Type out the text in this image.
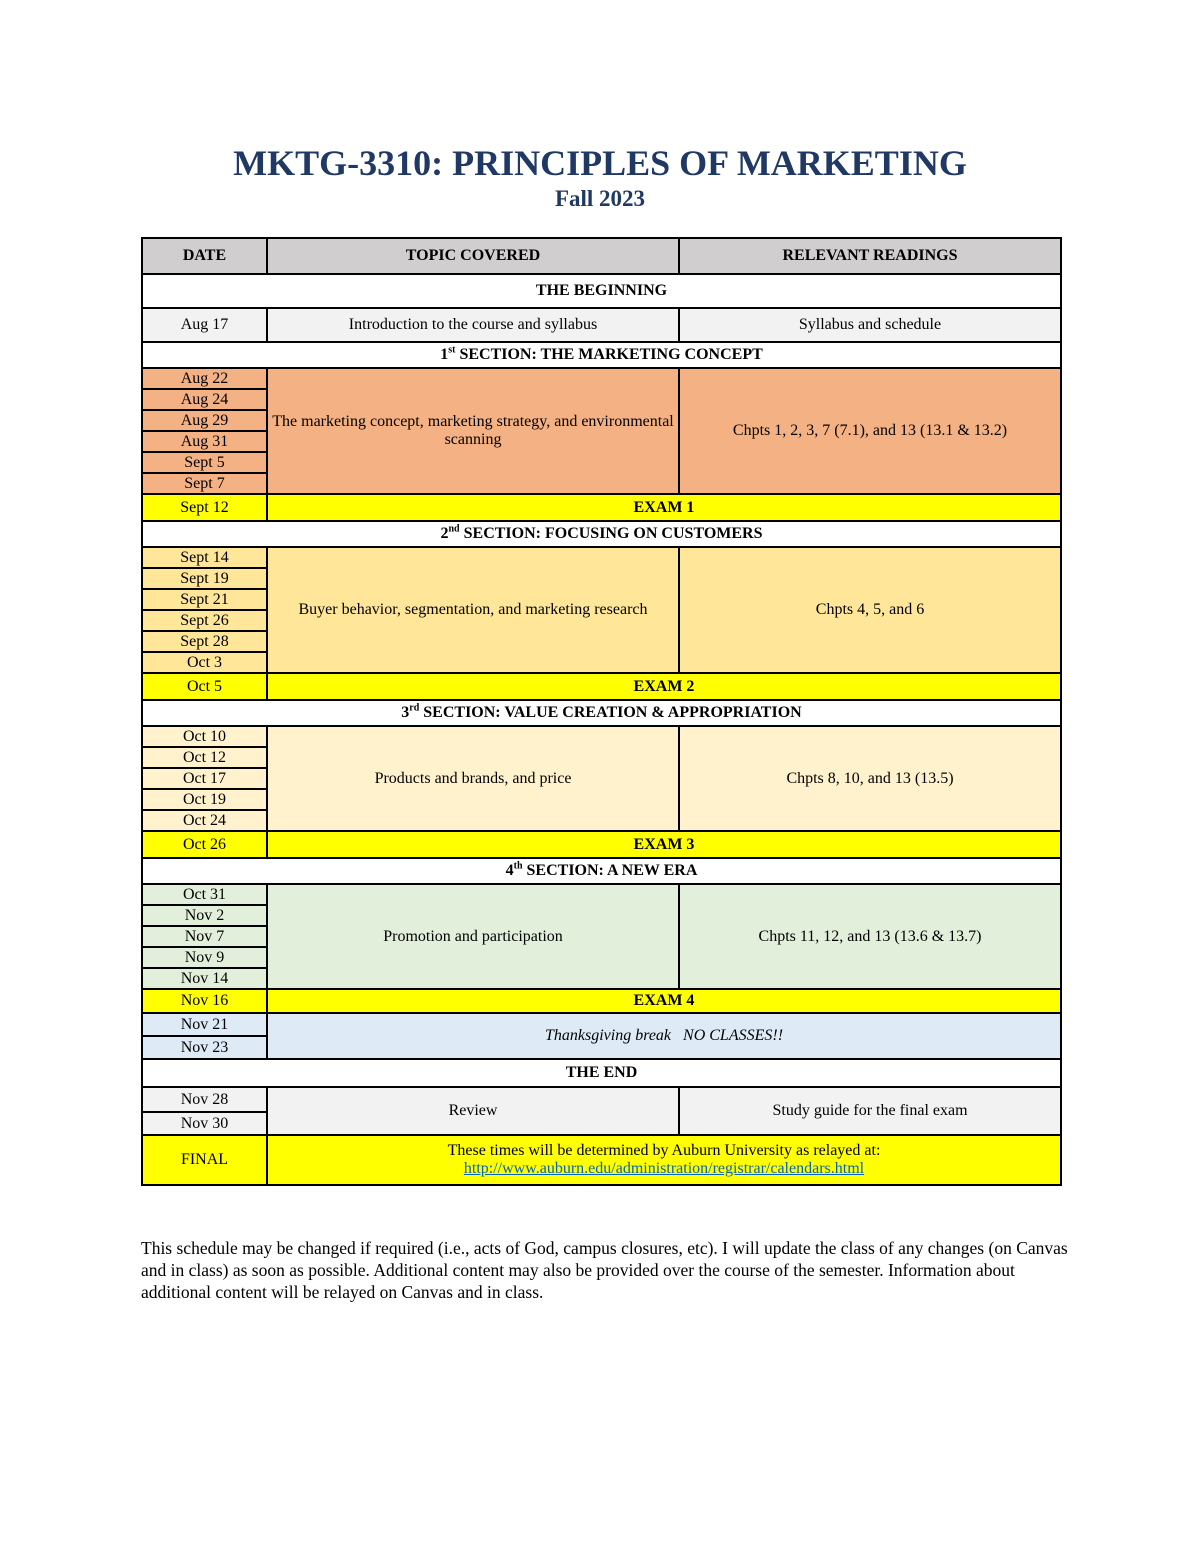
MKTG-3310: PRINCIPLES OF MARKETING
Fall 2023
DATE	TOPIC COVERED	RELEVANT READINGS
THE BEGINNING		
Aug 17	Introduction to the course and syllabus	Syllabus and schedule
1st SECTION: THE MARKETING CONCEPT		
Aug 22	The marketing concept, marketing strategy, and environmental scanning	Chpts 1, 2, 3, 7 (7.1), and 13 (13.1 & 13.2)
Aug 24		
Aug 29		
Aug 31		
Sept 5		
Sept 7		
Sept 12	EXAM 1	
2nd SECTION: FOCUSING ON CUSTOMERS		
Sept 14	Buyer behavior, segmentation, and marketing research	Chpts 4, 5, and 6
Sept 19		
Sept 21		
Sept 26		
Sept 28		
Oct 3		
Oct 5	EXAM 2	
3rd SECTION: VALUE CREATION & APPROPRIATION		
Oct 10	Products and brands, and price	Chpts 8, 10, and 13 (13.5)
Oct 12		
Oct 17		
Oct 19		
Oct 24		
Oct 26	EXAM 3	
4th SECTION: A NEW ERA		
Oct 31	Promotion and participation	Chpts 11, 12, and 13 (13.6 & 13.7)
Nov 2		
Nov 7		
Nov 9		
Nov 14		
Nov 16	EXAM 4	
Nov 21	Thanksgiving break   NO CLASSES!!	
Nov 23		
THE END		
Nov 28	Review	Study guide for the final exam
Nov 30		
FINAL	These times will be determined by Auburn University as relayed at:
http://www.auburn.edu/administration/registrar/calendars.html	
This schedule may be changed if required (i.e., acts of God, campus closures, etc). I will update the class of any changes (on Canvas and in class) as soon as possible. Additional content may also be provided over the course of the semester. Information about additional content will be relayed on Canvas and in class.
